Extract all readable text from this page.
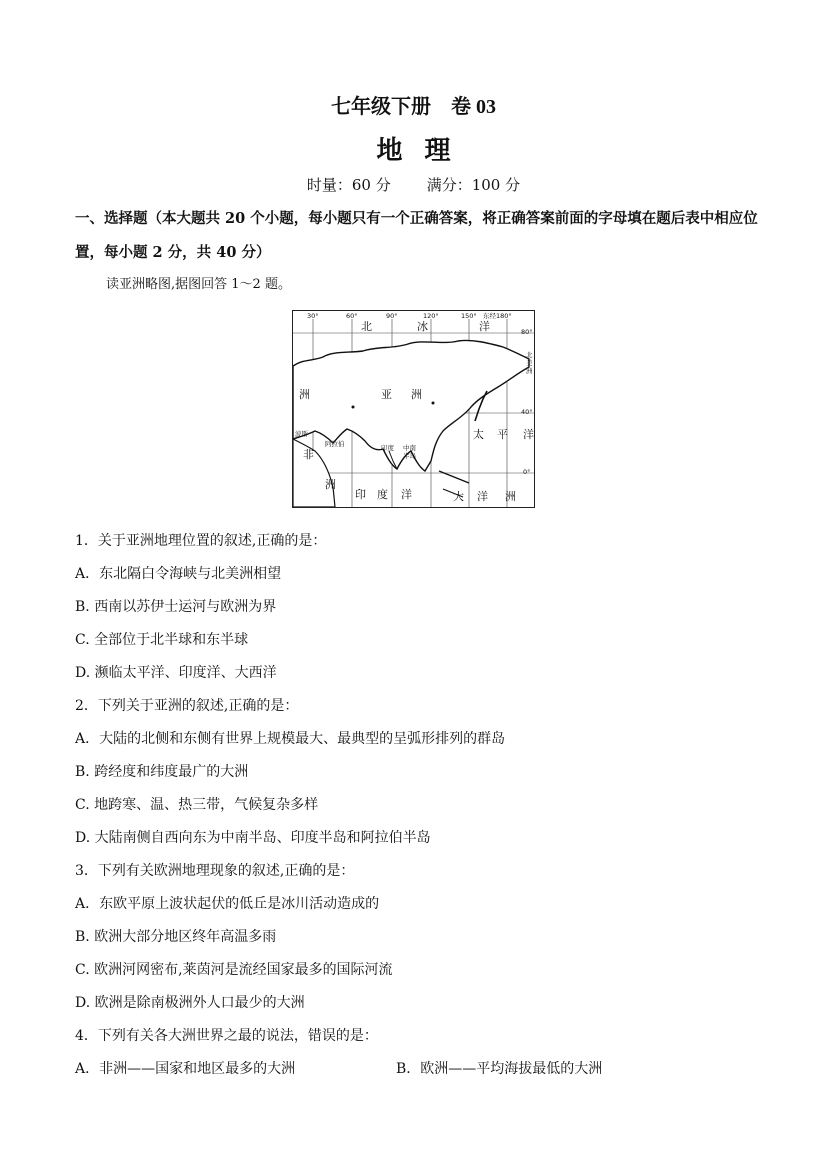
七年级下册　卷 03
地理
时量：60 分 满分：100 分
一、选择题（本大题共 20 个小题，每小题只有一个正确答案，将正确答案前面的字母填在题后表中相应位置，每小题 2 分，共 40 分）
读亚洲略图,据图回答 1～2 题。
30°	60°	90°	120°	150° 东经180°
80°
40°
0°
北	冰	洋
洲	亚 洲
非
洲
太 平 洋
印 度 洋	大 洋 洲
波斯
阿拉伯	印度 中南
半岛
北美洲
1．关于亚洲地理位置的叙述,正确的是：
A．东北隔白令海峡与北美洲相望
B. 西南以苏伊士运河与欧洲为界
C. 全部位于北半球和东半球
D. 濒临太平洋、印度洋、大西洋
2．下列关于亚洲的叙述,正确的是：
A．大陆的北侧和东侧有世界上规模最大、最典型的呈弧形排列的群岛
B. 跨经度和纬度最广的大洲
C. 地跨寒、温、热三带，气候复杂多样
D. 大陆南侧自西向东为中南半岛、印度半岛和阿拉伯半岛
3．下列有关欧洲地理现象的叙述,正确的是：
A．东欧平原上波状起伏的低丘是冰川活动造成的
B. 欧洲大部分地区终年高温多雨
C. 欧洲河网密布,莱茵河是流经国家最多的国际河流
D. 欧洲是除南极洲外人口最少的大洲
4．下列有关各大洲世界之最的说法，错误的是：
A．非洲——国家和地区最多的大洲	B．欧洲——平均海拔最低的大洲
